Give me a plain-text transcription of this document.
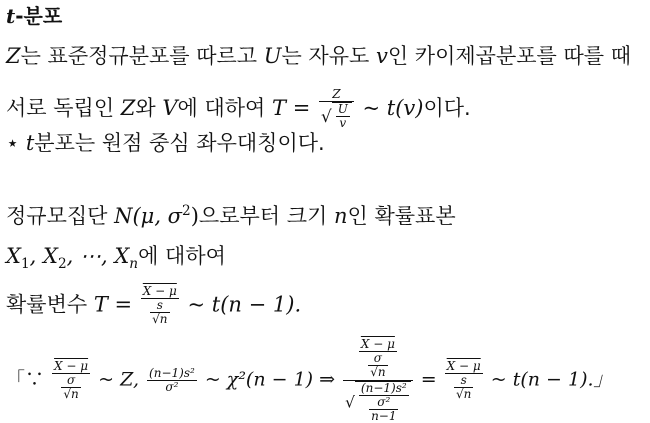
t-분포
Z는 표준정규분포를 따르고 U는 자유도 v인 카이제곱분포를 따를 때
서로 독립인 Z와 V에 대하여 $T = \frac{Z}{√ \frac{U}{v}}$ ~ t(v)이다.
⋆ t분포는 원점 중심 좌우대칭이다.
정규모집단 N(μ, $\sigma^2$)으로부터 크기 n인 확률표본
$X_1$, $X_2$, ⋯, $X_n$에 대하여
확률변수 $T = \frac{X - \mu}{\frac{s}{√n}}$ ~ t(n − 1).
「∵ $\frac{X - \mu}{\frac{\sigma}{√n}}$ ~ Z, $\frac{\text{(n−1)s²}}{\text{σ²}}$ ~ χ²(n − 1) ⇒ $\frac{\frac{X - \mu}{\frac{\sigma}{√n}}}{√ \frac{\text{(n−1)s²}}{\frac{\text{σ²}}{n-1}}} = \frac{X - \mu}{\frac{s}{√n}}$ ~ t(n − 1).」
